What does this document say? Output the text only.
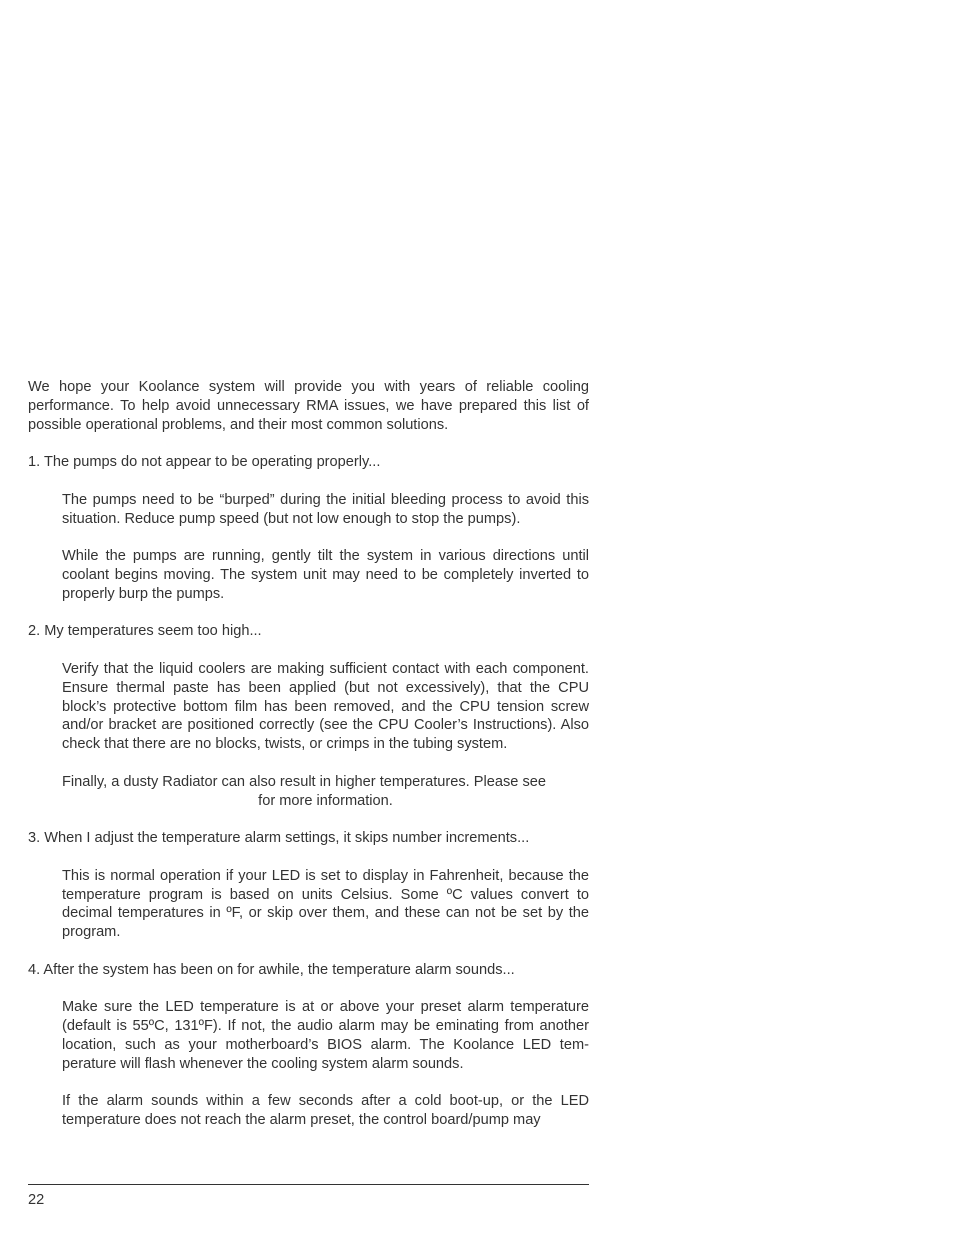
We hope your Koolance system will provide you with years of reliable cooling performance. To help avoid unnecessary RMA issues, we have prepared this list of possible operational problems, and their most common solutions.

1. The pumps do not appear to be operating properly...

The pumps need to be “burped” during the initial bleeding process to avoid this situation. Reduce pump speed (but not low enough to stop the pumps).

While the pumps are running, gently tilt the system in various directions until coolant begins moving. The system unit may need to be completely inverted to properly burp the pumps.

2. My temperatures seem too high...

Verify that the liquid coolers are making sufficient contact with each component. Ensure thermal paste has been applied (but not excessively), that the CPU block’s protective bottom film has been removed, and the CPU tension screw and/or bracket are positioned correctly (see the CPU Cooler’s Instructions). Also check that there are no blocks, twists, or crimps in the tubing system.

Finally, a dusty Radiator can also result in higher temperatures. Please see

for more information.

3. When I adjust the temperature alarm settings, it skips number increments...

This is normal operation if your LED is set to display in Fahrenheit, because the temperature program is based on units Celsius. Some ºC values convert to decimal temperatures in ºF, or skip over them, and these can not be set by the program.

4. After the system has been on for awhile, the temperature alarm sounds...

Make sure the LED temperature is at or above your preset alarm temperature (default is 55ºC, 131ºF). If not, the audio alarm may be eminating from another location, such as your motherboard’s BIOS alarm. The Koolance LED tem-perature will flash whenever the cooling system alarm sounds.

If the alarm sounds within a few seconds after a cold boot-up, or the LED temperature does not reach the alarm preset, the control board/pump may

22
